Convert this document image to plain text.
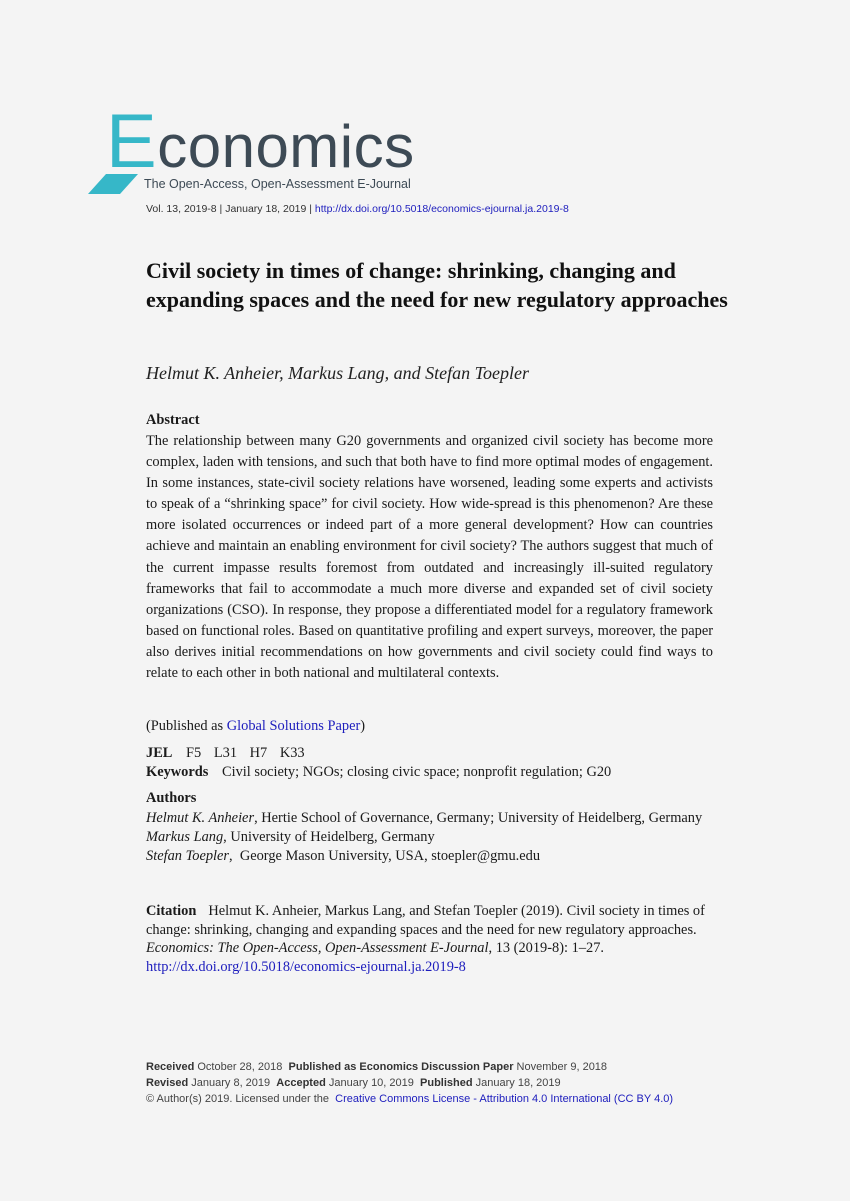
Economics
The Open-Access, Open-Assessment E-Journal
Vol. 13, 2019-8 | January 18, 2019 | http://dx.doi.org/10.5018/economics-ejournal.ja.2019-8
Civil society in times of change: shrinking, changing and expanding spaces and the need for new regulatory approaches
Helmut K. Anheier, Markus Lang, and Stefan Toepler
Abstract

The relationship between many G20 governments and organized civil society has become more complex, laden with tensions, and such that both have to find more optimal modes of engagement. In some instances, state-civil society relations have worsened, leading some experts and activists to speak of a “shrinking space” for civil society. How wide-spread is this phenomenon? Are these more isolated occurrences or indeed part of a more general development? How can countries achieve and maintain an enabling environment for civil society? The authors suggest that much of the current impasse results foremost from outdated and increasingly ill-suited regulatory frameworks that fail to accommodate a much more diverse and expanded set of civil society organizations (CSO). In response, they propose a differentiated model for a regulatory framework based on functional roles. Based on quantitative profiling and expert surveys, moreover, the paper also derives initial recommendations on how governments and civil society could find ways to relate to each other in both national and multilateral contexts.

(Published as Global Solutions Paper)
JEL F5 L31 H7 K33
Keywords Civil society; NGOs; closing civic space; nonprofit regulation; G20
Authors
Helmut K. Anheier, Hertie School of Governance, Germany; University of Heidelberg, Germany
Markus Lang, University of Heidelberg, Germany
Stefan Toepler,  George Mason University, USA, stoepler@gmu.edu
Citation Helmut K. Anheier, Markus Lang, and Stefan Toepler (2019). Civil society in times of change: shrinking, changing and expanding spaces and the need for new regulatory approaches. Economics: The Open-Access, Open-Assessment E-Journal, 13 (2019-8): 1–27.
http://dx.doi.org/10.5018/economics-ejournal.ja.2019-8
Received October 28, 2018 Published as Economics Discussion Paper November 9, 2018
Revised January 8, 2019 Accepted January 10, 2019 Published January 18, 2019
© Author(s) 2019. Licensed under the Creative Commons License - Attribution 4.0 International (CC BY 4.0)
